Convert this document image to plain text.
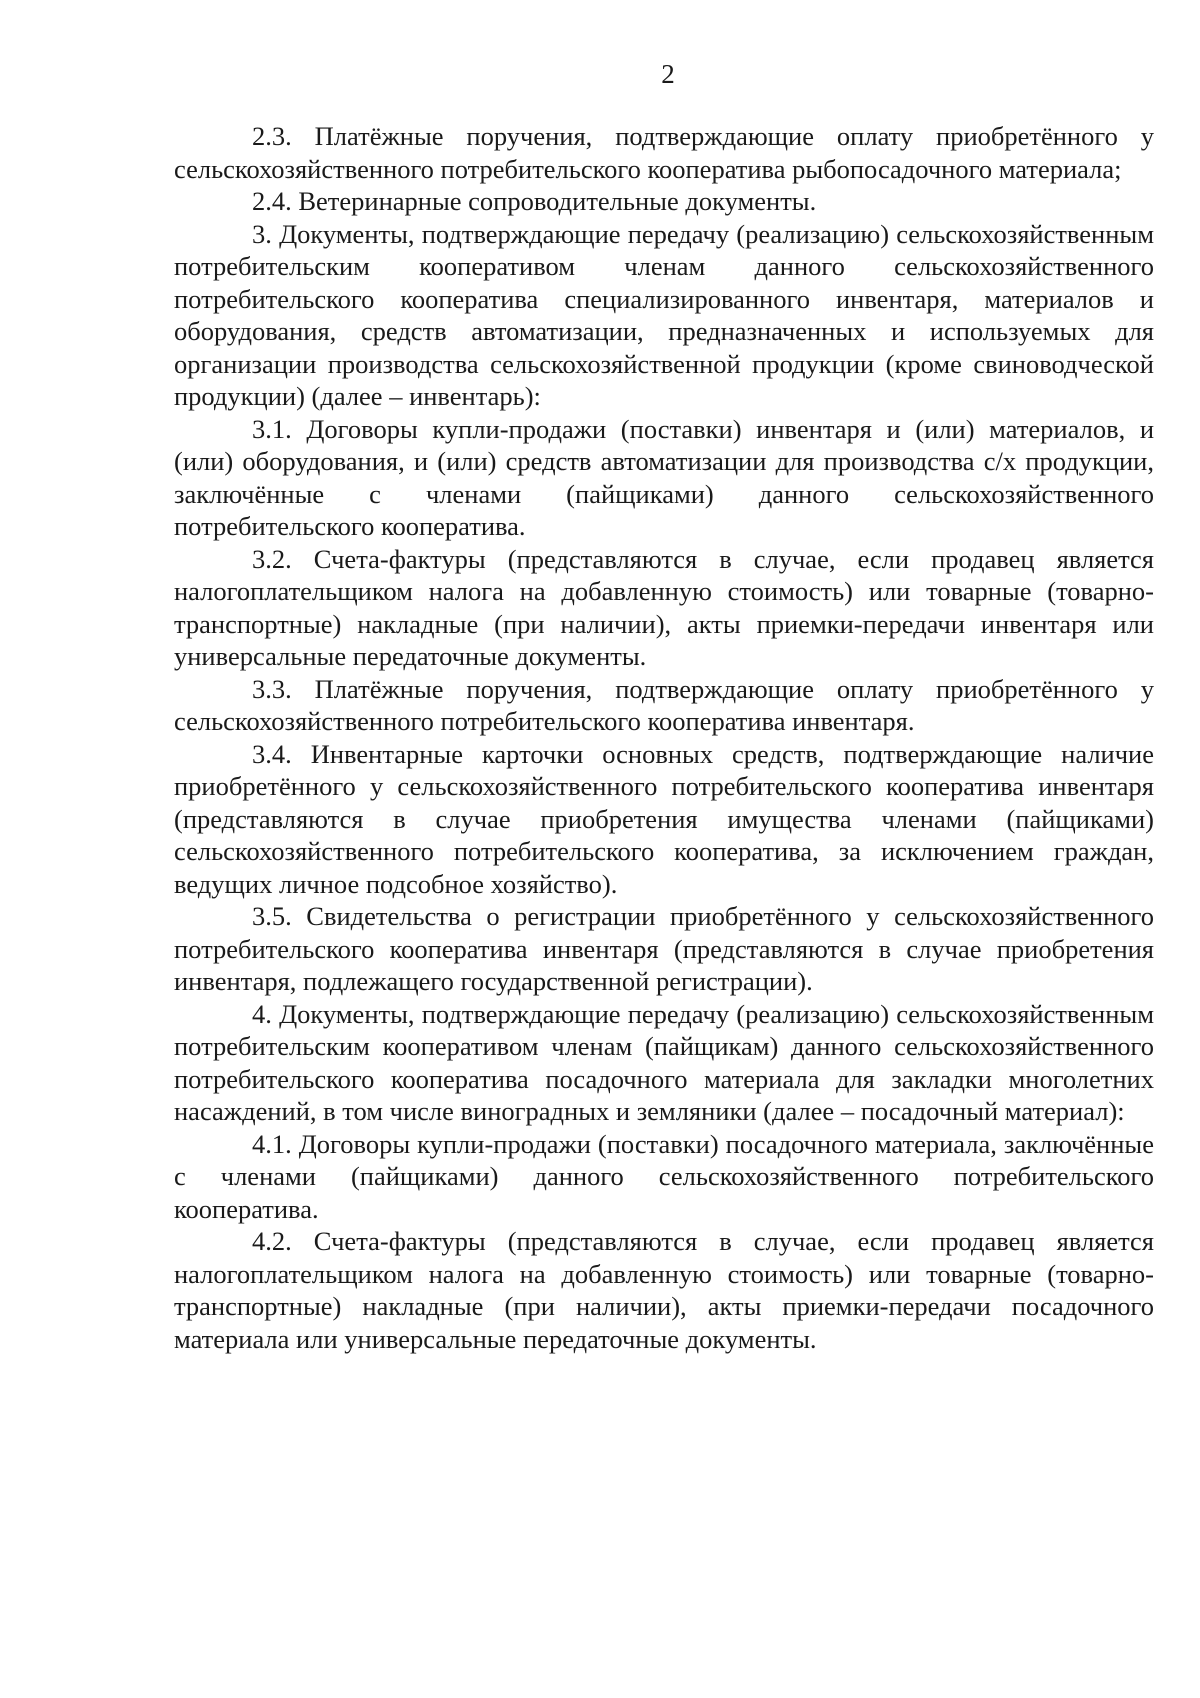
2

2.3. Платёжные поручения, подтверждающие оплату приобретённого у сельскохозяйственного потребительского кооператива рыбопосадочного материала;

2.4. Ветеринарные сопроводительные документы.

3. Документы, подтверждающие передачу (реализацию) сельскохозяйственным потребительским кооперативом членам данного сельскохозяйственного потребительского кооператива специализированного инвентаря, материалов и оборудования, средств автоматизации, предназначенных и используемых для организации производства сельскохозяйственной продукции (кроме свиноводческой продукции) (далее – инвентарь):

3.1. Договоры купли-продажи (поставки) инвентаря и (или) материалов, и (или) оборудования, и (или) средств автоматизации для производства с/х продукции, заключённые с членами (пайщиками) данного сельскохозяйственного потребительского кооператива.

3.2. Счета-фактуры (представляются в случае, если продавец является налогоплательщиком налога на добавленную стоимость) или товарные (товарно-транспортные) накладные (при наличии), акты приемки-передачи инвентаря или универсальные передаточные документы.

3.3. Платёжные поручения, подтверждающие оплату приобретённого у сельскохозяйственного потребительского кооператива инвентаря.

3.4. Инвентарные карточки основных средств, подтверждающие наличие приобретённого у сельскохозяйственного потребительского кооператива инвентаря (представляются в случае приобретения имущества членами (пайщиками) сельскохозяйственного потребительского кооператива, за исключением граждан, ведущих личное подсобное хозяйство).

3.5. Свидетельства о регистрации приобретённого у сельскохозяйственного потребительского кооператива инвентаря (представляются в случае приобретения инвентаря, подлежащего государственной регистрации).

4. Документы, подтверждающие передачу (реализацию) сельскохозяйственным потребительским кооперативом членам (пайщикам) данного сельскохозяйственного потребительского кооператива посадочного материала для закладки многолетних насаждений, в том числе виноградных и земляники (далее – посадочный материал):

4.1. Договоры купли-продажи (поставки) посадочного материала, заключённые с членами (пайщиками) данного сельскохозяйственного потребительского кооператива.

4.2. Счета-фактуры (представляются в случае, если продавец является налогоплательщиком налога на добавленную стоимость) или товарные (товарно-транспортные) накладные (при наличии), акты приемки-передачи посадочного материала или универсальные передаточные документы.
